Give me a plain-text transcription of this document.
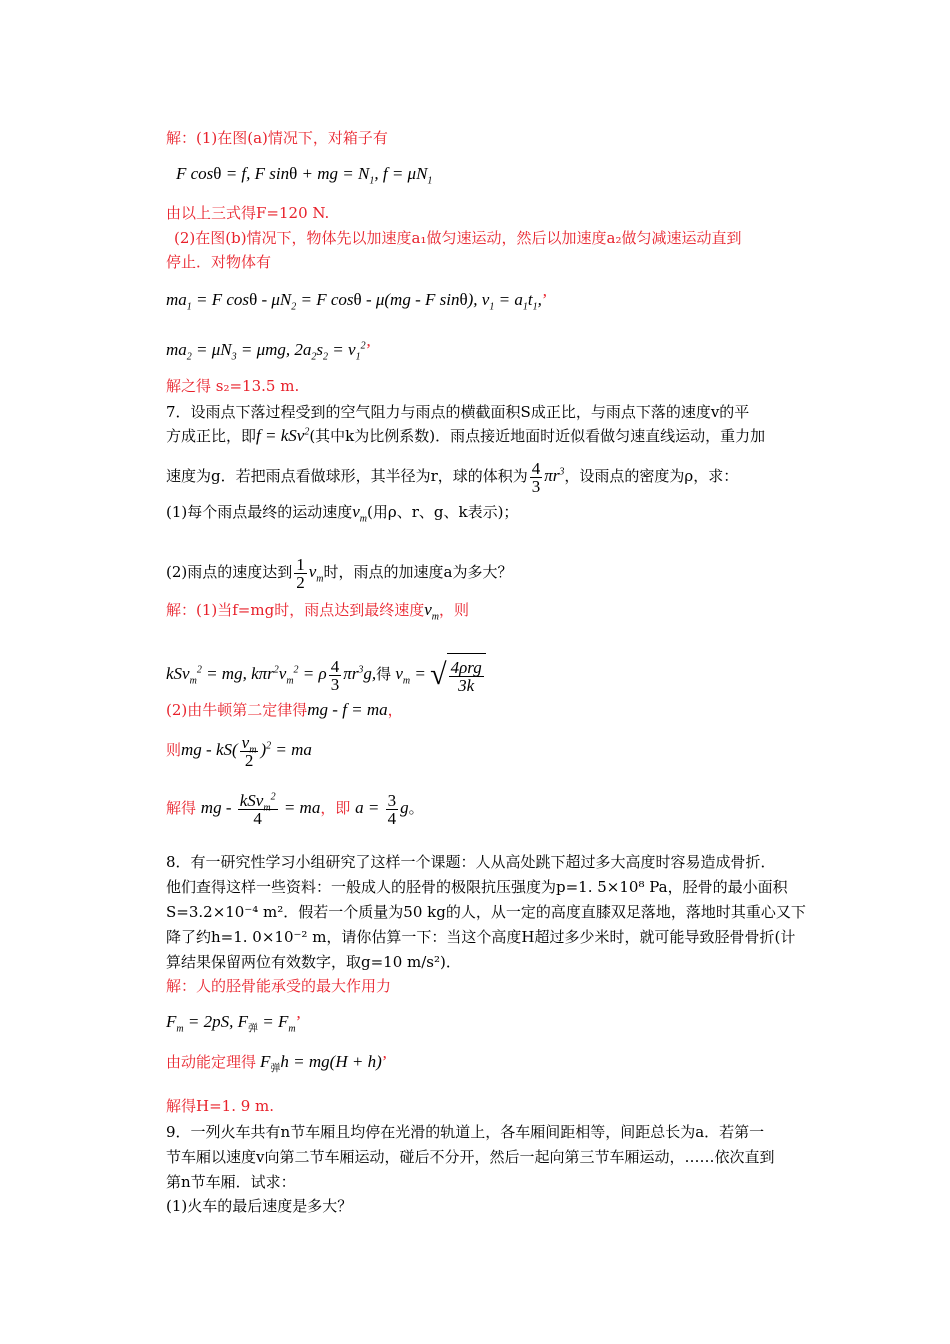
解：(1)在图(a)情况下，对箱子有
F cosθ = f, F sinθ + mg = $N_1$, $f = \mu N_1$
由以上三式得F=120 N.
(2)在图(b)情况下，物体先以加速度a₁做匀速运动，然后以加速度a₂做匀减速运动直到
停止．对物体有
$ma_1 = F$ $\cos\theta - \mu N_2 = F$ cosθ - μ(mg - F sinθ), $v_1 = a_1t_1$,’
$ma_2 = \mu N_3 = \mu mg$, $2a_2s_2 = v_1^2$’
解之得 s₂=13.5 m.
7．设雨点下落过程受到的空气阻力与雨点的横截面积S成正比，与雨点下落的速度v的平
方成正比，即f = kSv$^2$(其中k为比例系数)．雨点接近地面时近似看做匀速直线运动，重力加
速度为g．若把雨点看做球形，其半径为r，球的体积为 $\frac{4}{3} \pi r^3$，设雨点的密度为ρ，求：
(1)每个雨点最终的运动速度$v_m$(用ρ、r、g、k表示)；
(2)雨点的速度达到 $\frac{1}{2} v_m$时，雨点的加速度a为多大？
解：(1)当f=mg时，雨点达到最终速度$v_m$，则
kSv$_m^2$ = mg, $k\pi r^2v_m^2 = \rho \frac{4}{3} \pi r^3g$,得 $v_m$ = √ $\frac{\text{4ρrg}}{3k}$
(2)由牛顿第二定律得mg - f = ma，
则mg - $kS( \frac{v_m}{2} )^2$ = ma
解得 mg - $\frac{kSv_m^2}{4}$ = ma，即 $a = \frac{3}{4}$ g。
8．有一研究性学习小组研究了这样一个课题：人从高处跳下超过多大高度时容易造成骨折．
他们查得这样一些资料：一般成人的胫骨的极限抗压强度为p=1. 5×10⁸ Pa，胫骨的最小面积
S=3.2×10⁻⁴ m²．假若一个质量为50 kg的人，从一定的高度直膝双足落地，落地时其重心又下
降了约h=1. 0×10⁻² m，请你估算一下：当这个高度H超过多少米时，就可能导致胫骨骨折(计
算结果保留两位有效数字，取g=10 m/s²)．
解：人的胫骨能承受的最大作用力
$F_m = 2pS$, $F_弹 = F_m$’
由动能定理得 $F_弹h = mg(H + h)$’
解得H=1. 9 m.
9．一列火车共有n节车厢且均停在光滑的轨道上，各车厢间距相等，间距总长为a．若第一
节车厢以速度v向第二节车厢运动，碰后不分开，然后一起向第三节车厢运动，……依次直到
第n节车厢．试求：
(1)火车的最后速度是多大？
